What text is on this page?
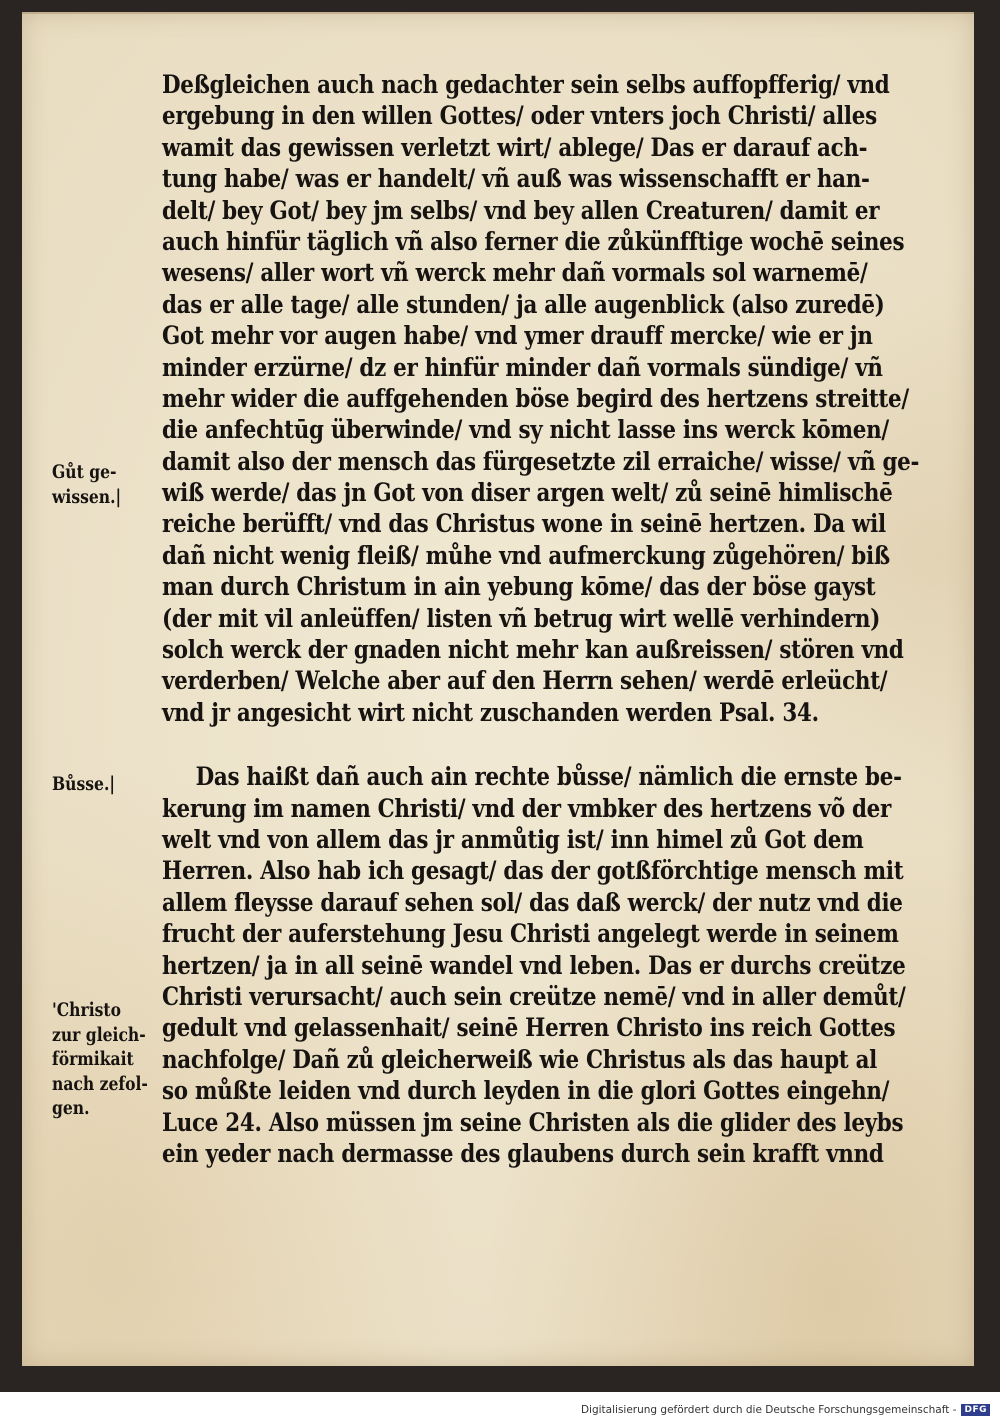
Deßgleichen auch nach gedachter sein selbs auffopfferig/ vnd
ergebung in den willen Gottes/ oder vnters joch Christi/ alles
wamit das gewissen verletzt wirt/ ablege/ Das er darauf ach-
tung habe/ was er handelt/ vñ auß was wissenschafft er han-
delt/ bey Got/ bey jm selbs/ vnd bey allen Creaturen/ damit er
auch hinfür täglich vñ also ferner die zůkünfftige wochē seines
wesens/ aller wort vñ werck mehr dañ vormals sol warnemē/
das er alle tage/ alle stunden/ ja alle augenblick (also zuredē)
Got mehr vor augen habe/ vnd ymer drauff mercke/ wie er jn
minder erzürne/ dz er hinfür minder dañ vormals sündige/ vñ
mehr wider die auffgehenden böse begird des hertzens streitte/
die anfechtūg überwinde/ vnd sy nicht lasse ins werck kōmen/
damit also der mensch das fürgesetzte zil erraiche/ wisse/ vñ ge-
wiß werde/ das jn Got von diser argen welt/ zů seinē himlischē
reiche berüfft/ vnd das Christus wone in seinē hertzen. Da wil
dañ nicht wenig fleiß/ můhe vnd aufmerckung zůgehören/ biß
man durch Christum in ain yebung kōme/ das der böse gayst
(der mit vil anleüffen/ listen vñ betrug wirt wellē verhindern)
solch werck der gnaden nicht mehr kan außreissen/ stören vnd
verderben/ Welche aber auf den Herrn sehen/ werdē erleücht/
vnd jr angesicht wirt nicht zuschanden werden Psal. 34.
Das haißt dañ auch ain rechte bůsse/ nämlich die ernste be-
kerung im namen Christi/ vnd der vmbker des hertzens võ der
welt vnd von allem das jr anmůtig ist/ inn himel zů Got dem
Herren. Also hab ich gesagt/ das der gotßförchtige mensch mit
allem fleysse darauf sehen sol/ das daß werck/ der nutz vnd die
frucht der auferstehung Jesu Christi angelegt werde in seinem
hertzen/ ja in all seinē wandel vnd leben. Das er durchs creütze
Christi verursacht/ auch sein creütze nemē/ vnd in aller demůt/
gedult vnd gelassenhait/ seinē Herren Christo ins reich Gottes
nachfolge/ Dañ zů gleicherweiß wie Christus als das haupt al
so můßte leiden vnd durch leyden in die glori Gottes eingehn/
Luce 24. Also müssen jm seine Christen als die glider des leybs
ein yeder nach dermasse des glaubens durch sein krafft vnnd
Gůt ge-
wissen.|
Bůsse.|
'Christo
zur gleich-
förmikait
nach zefol-
gen.
Digitalisierung gefördert durch die Deutsche Forschungsgemeinschaft - DFG
